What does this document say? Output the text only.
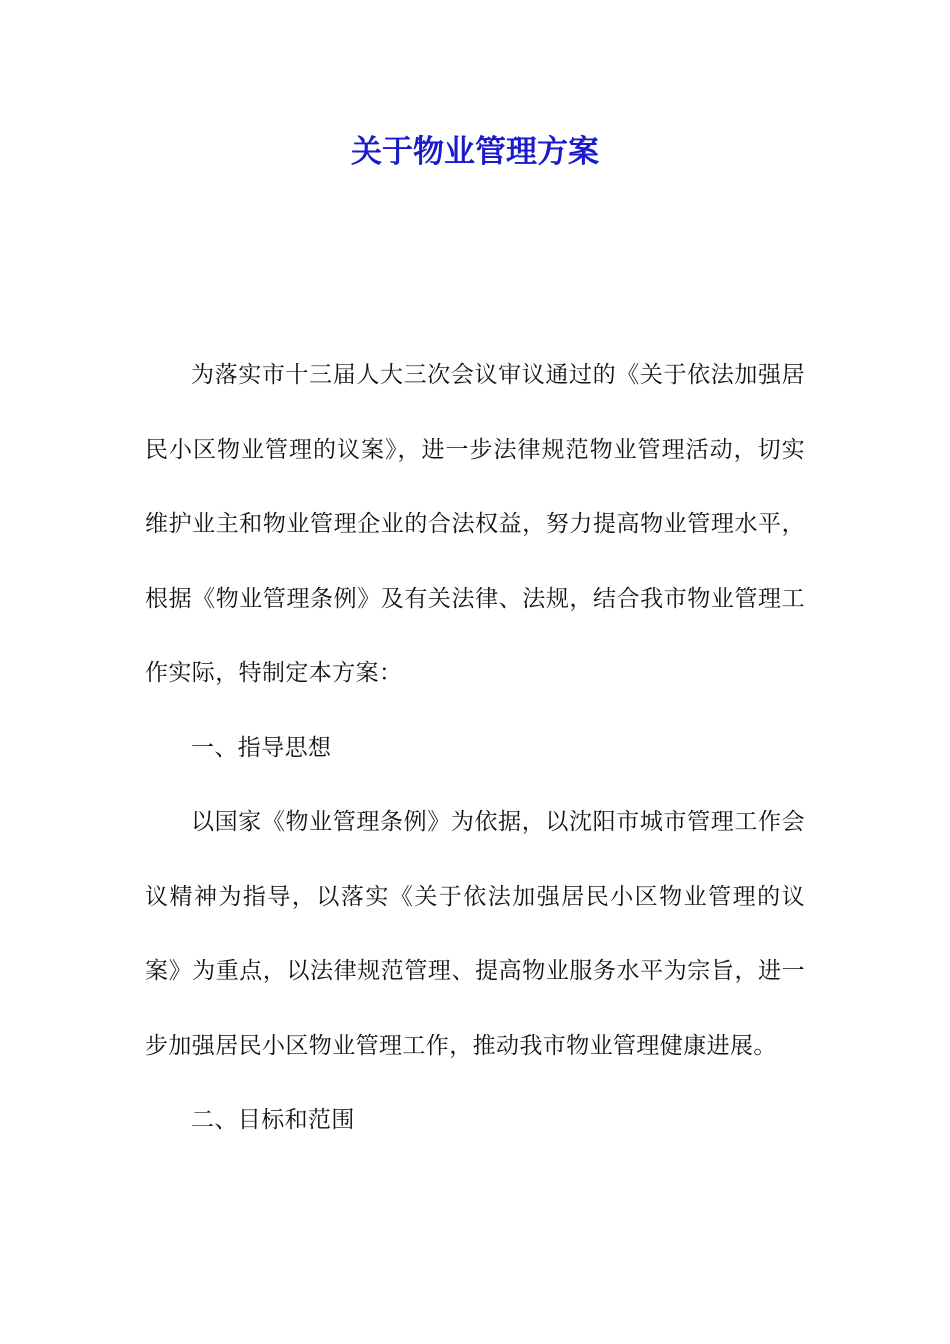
关于物业管理方案

为落实市十三届人大三次会议审议通过的《关于依法加强居民小区物业管理的议案》，进一步法律规范物业管理活动，切实维护业主和物业管理企业的合法权益，努力提高物业管理水平，根据《物业管理条例》及有关法律、法规，结合我市物业管理工作实际，特制定本方案：

一、指导思想

以国家《物业管理条例》为依据，以沈阳市城市管理工作会议精神为指导，以落实《关于依法加强居民小区物业管理的议案》为重点，以法律规范管理、提高物业服务水平为宗旨，进一步加强居民小区物业管理工作，推动我市物业管理健康进展。

二、目标和范围
